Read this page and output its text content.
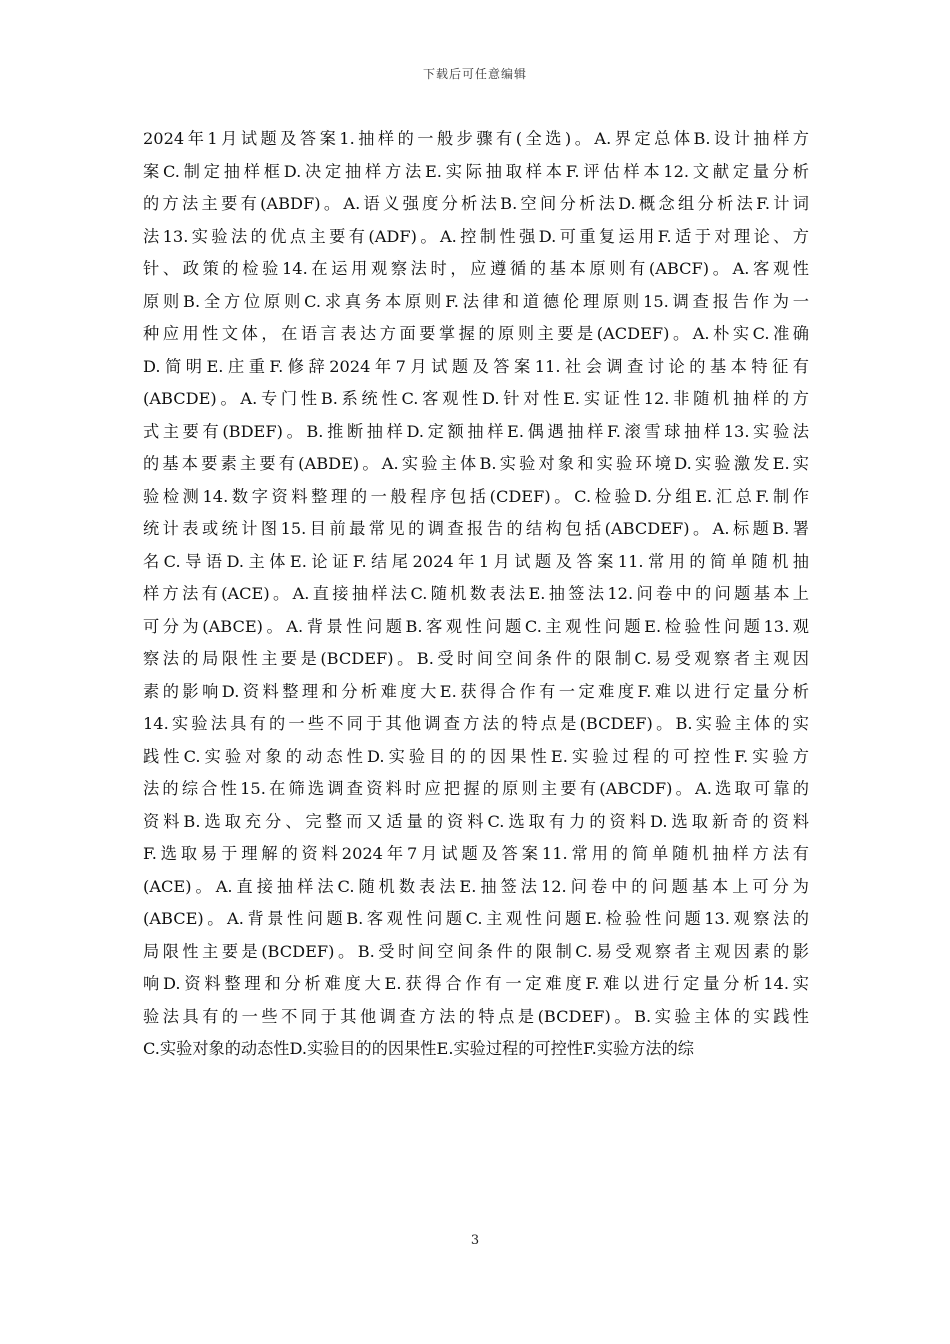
下载后可任意编辑
2024年1月试题及答案1.抽样的一般步骤有(全选)。A.界定总体B.设计抽样方
案C.制定抽样框D.决定抽样方法E.实际抽取样本F.评估样本12.文献定量分析
的方法主要有(ABDF)。A.语义强度分析法B.空间分析法D.概念组分析法F.计词
法13.实验法的优点主要有(ADF)。A.控制性强D.可重复运用F.适于对理论、方
针、政策的检验14.在运用观察法时，应遵循的基本原则有(ABCF)。A.客观性
原则B.全方位原则C.求真务本原则F.法律和道德伦理原则15.调查报告作为一
种应用性文体，在语言表达方面要掌握的原则主要是(ACDEF)。A.朴实C.准确
D.简明E.庄重F.修辞2024年7月试题及答案11.社会调查讨论的基本特征有
(ABCDE)。A.专门性B.系统性C.客观性D.针对性E.实证性12.非随机抽样的方
式主要有(BDEF)。B.推断抽样D.定额抽样E.偶遇抽样F.滚雪球抽样13.实验法
的基本要素主要有(ABDE)。A.实验主体B.实验对象和实验环境D.实验激发E.实
验检测14.数字资料整理的一般程序包括(CDEF)。C.检验D.分组E.汇总F.制作
统计表或统计图15.目前最常见的调查报告的结构包括(ABCDEF)。A.标题B.署
名C.导语D.主体E.论证F.结尾2024年1月试题及答案11.常用的简单随机抽
样方法有(ACE)。A.直接抽样法C.随机数表法E.抽签法12.问卷中的问题基本上
可分为(ABCE)。A.背景性问题B.客观性问题C.主观性问题E.检验性问题13.观
察法的局限性主要是(BCDEF)。B.受时间空间条件的限制C.易受观察者主观因
素的影响D.资料整理和分析难度大E.获得合作有一定难度F.难以进行定量分析
14.实验法具有的一些不同于其他调查方法的特点是(BCDEF)。B.实验主体的实
践性C.实验对象的动态性D.实验目的的因果性E.实验过程的可控性F.实验方
法的综合性15.在筛选调查资料时应把握的原则主要有(ABCDF)。A.选取可靠的
资料B.选取充分、完整而又适量的资料C.选取有力的资料D.选取新奇的资料
F.选取易于理解的资料2024年7月试题及答案11.常用的简单随机抽样方法有
(ACE)。A.直接抽样法C.随机数表法E.抽签法12.问卷中的问题基本上可分为
(ABCE)。A.背景性问题B.客观性问题C.主观性问题E.检验性问题13.观察法的
局限性主要是(BCDEF)。B.受时间空间条件的限制C.易受观察者主观因素的影
响D.资料整理和分析难度大E.获得合作有一定难度F.难以进行定量分析14.实
验法具有的一些不同于其他调查方法的特点是(BCDEF)。B.实验主体的实践性
C.实验对象的动态性D.实验目的的因果性E.实验过程的可控性F.实验方法的综
3
